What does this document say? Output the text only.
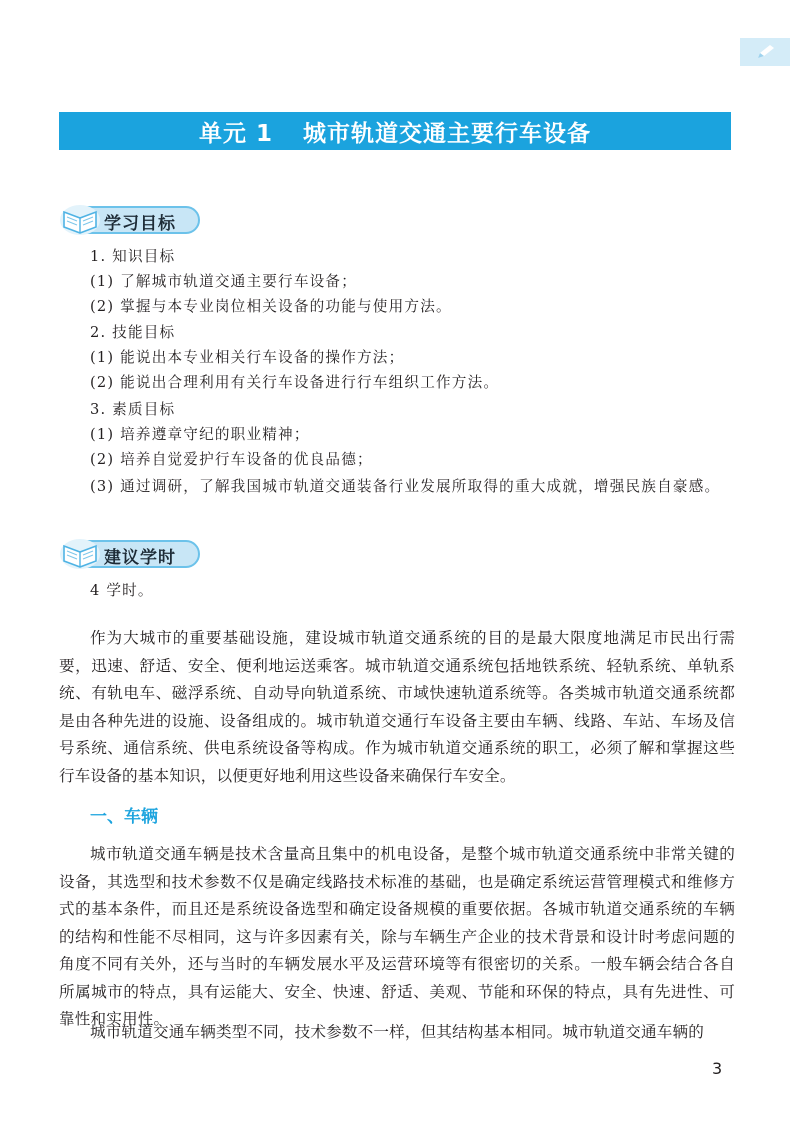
单元 1 城市轨道交通主要行车设备
学习目标
1. 知识目标
(1) 了解城市轨道交通主要行车设备；
(2) 掌握与本专业岗位相关设备的功能与使用方法。
2. 技能目标
(1) 能说出本专业相关行车设备的操作方法；
(2) 能说出合理利用有关行车设备进行行车组织工作方法。
3. 素质目标
(1) 培养遵章守纪的职业精神；
(2) 培养自觉爱护行车设备的优良品德；
(3) 通过调研，了解我国城市轨道交通装备行业发展所取得的重大成就，增强民族自豪感。
建议学时
4 学时。

作为大城市的重要基础设施，建设城市轨道交通系统的目的是最大限度地满足市民出行需要，迅速、舒适、安全、便利地运送乘客。城市轨道交通系统包括地铁系统、轻轨系统、单轨系统、有轨电车、磁浮系统、自动导向轨道系统、市域快速轨道系统等。各类城市轨道交通系统都是由各种先进的设施、设备组成的。城市轨道交通行车设备主要由车辆、线路、车站、车场及信号系统、通信系统、供电系统设备等构成。作为城市轨道交通系统的职工，必须了解和掌握这些行车设备的基本知识，以便更好地利用这些设备来确保行车安全。

一、车辆

城市轨道交通车辆是技术含量高且集中的机电设备，是整个城市轨道交通系统中非常关键的设备，其选型和技术参数不仅是确定线路技术标准的基础，也是确定系统运营管理模式和维修方式的基本条件，而且还是系统设备选型和确定设备规模的重要依据。各城市轨道交通系统的车辆的结构和性能不尽相同，这与许多因素有关，除与车辆生产企业的技术背景和设计时考虑问题的角度不同有关外，还与当时的车辆发展水平及运营环境等有很密切的关系。一般车辆会结合各自所属城市的特点，具有运能大、安全、快速、舒适、美观、节能和环保的特点，具有先进性、可靠性和实用性。

城市轨道交通车辆类型不同，技术参数不一样，但其结构基本相同。城市轨道交通车辆的

3
